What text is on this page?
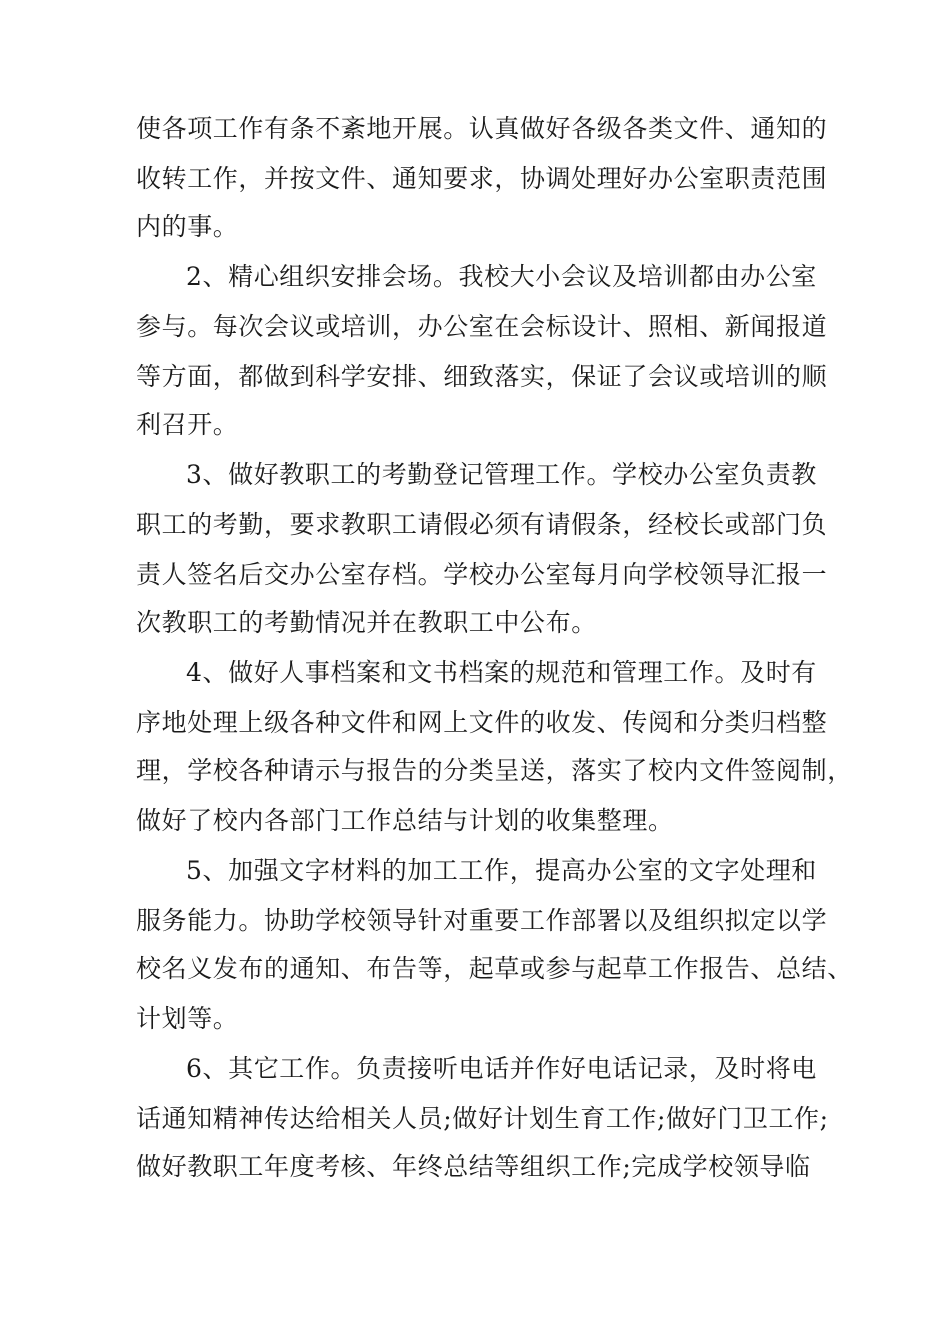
使各项工作有条不紊地开展。认真做好各级各类文件、通知的
收转工作，并按文件、通知要求，协调处理好办公室职责范围
内的事。
2、精心组织安排会场。我校大小会议及培训都由办公室
参与。每次会议或培训，办公室在会标设计、照相、新闻报道
等方面，都做到科学安排、细致落实，保证了会议或培训的顺
利召开。
3、做好教职工的考勤登记管理工作。学校办公室负责教
职工的考勤，要求教职工请假必须有请假条，经校长或部门负
责人签名后交办公室存档。学校办公室每月向学校领导汇报一
次教职工的考勤情况并在教职工中公布。
4、做好人事档案和文书档案的规范和管理工作。及时有
序地处理上级各种文件和网上文件的收发、传阅和分类归档整
理，学校各种请示与报告的分类呈送，落实了校内文件签阅制，
做好了校内各部门工作总结与计划的收集整理。
5、加强文字材料的加工工作，提高办公室的文字处理和
服务能力。协助学校领导针对重要工作部署以及组织拟定以学
校名义发布的通知、布告等，起草或参与起草工作报告、总结、
计划等。
6、其它工作。负责接听电话并作好电话记录，及时将电
话通知精神传达给相关人员;做好计划生育工作;做好门卫工作;
做好教职工年度考核、年终总结等组织工作;完成学校领导临
